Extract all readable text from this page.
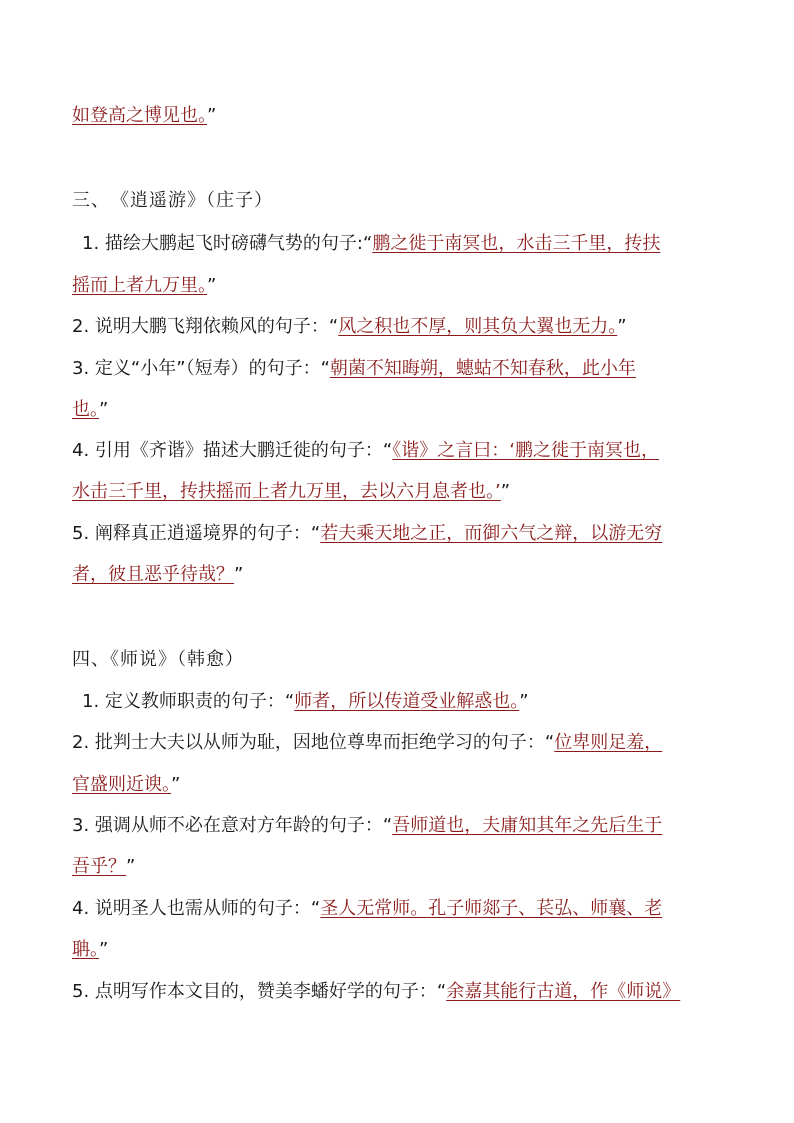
如登高之博见也。”
三、　《逍遥游》（庄子）
1. 描绘大鹏起飞时磅礴气势的句子:“鹏之徙于南冥也，水击三千里，抟扶
摇而上者九万里。”
2. 说明大鹏飞翔依赖风的句子：“风之积也不厚，则其负大翼也无力。”
3. 定义“小年”（短寿）的句子：“朝菌不知晦朔，蟪蛄不知春秋，此小年
也。”
4. 引用《齐谐》描述大鹏迁徙的句子：“《谐》之言曰：‘鹏之徙于南冥也，
水击三千里，抟扶摇而上者九万里，去以六月息者也。’”
5. 阐释真正逍遥境界的句子：“若夫乘天地之正，而御六气之辩，以游无穷
者，彼且恶乎待哉？”
四、《师说》（韩愈）
1. 定义教师职责的句子：“师者，所以传道受业解惑也。”
2. 批判士大夫以从师为耻，因地位尊卑而拒绝学习的句子：“位卑则足羞，
官盛则近谀。”
3. 强调从师不必在意对方年龄的句子：“吾师道也，夫庸知其年之先后生于
吾乎？”
4. 说明圣人也需从师的句子：“圣人无常师。孔子师郯子、苌弘、师襄、老
聃。”
5. 点明写作本文目的，赞美李蟠好学的句子：“余嘉其能行古道，作《师说》
